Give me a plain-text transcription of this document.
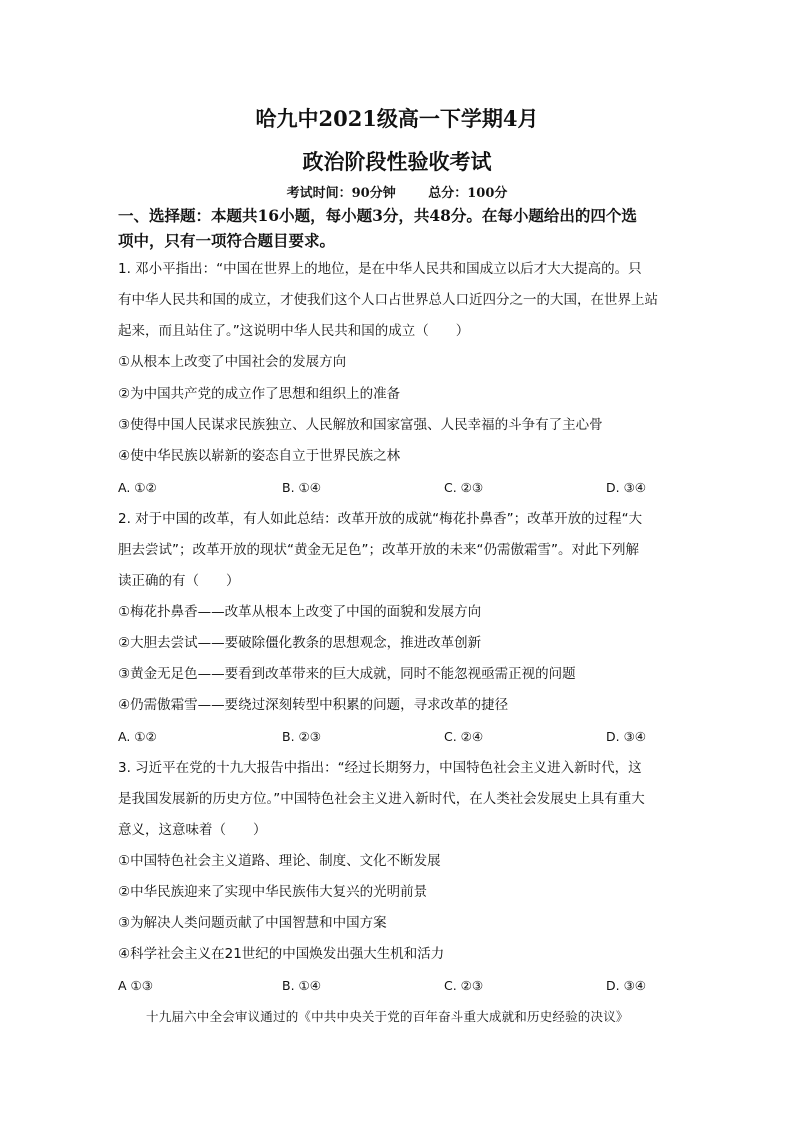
哈九中2021级高一下学期4月
政治阶段性验收考试
考试时间：90分钟	总分：100分
一、选择题：本题共16小题，每小题3分，共48分。在每小题给出的四个选
项中，只有一项符合题目要求。
1. 邓小平指出：“中国在世界上的地位，是在中华人民共和国成立以后才大大提高的。只
有中华人民共和国的成立，才使我们这个人口占世界总人口近四分之一的大国，在世界上站
起来，而且站住了。”这说明中华人民共和国的成立（　　）
①从根本上改变了中国社会的发展方向
②为中国共产党的成立作了思想和组织上的准备
③使得中国人民谋求民族独立、人民解放和国家富强、人民幸福的斗争有了主心骨
④使中华民族以崭新的姿态自立于世界民族之林
A. ①②	B. ①④	C. ②③	D. ③④
2. 对于中国的改革，有人如此总结：改革开放的成就“梅花扑鼻香”；改革开放的过程“大
胆去尝试”；改革开放的现状“黄金无足色”；改革开放的未来“仍需傲霜雪”。对此下列解
读正确的有（　　）
①梅花扑鼻香——改革从根本上改变了中国的面貌和发展方向
②大胆去尝试——要破除僵化教条的思想观念，推进改革创新
③黄金无足色——要看到改革带来的巨大成就，同时不能忽视亟需正视的问题
④仍需傲霜雪——要绕过深刻转型中积累的问题，寻求改革的捷径
A. ①②	B. ②③	C. ②④	D. ③④
3. 习近平在党的十九大报告中指出：“经过长期努力，中国特色社会主义进入新时代，这
是我国发展新的历史方位。”中国特色社会主义进入新时代，在人类社会发展史上具有重大
意义，这意味着（　　）
①中国特色社会主义道路、理论、制度、文化不断发展
②中华民族迎来了实现中华民族伟大复兴的光明前景
③为解决人类问题贡献了中国智慧和中国方案
④科学社会主义在21世纪的中国焕发出强大生机和活力
A ①③	B. ①④	C. ②③	D. ③④
十九届六中全会审议通过的《中共中央关于党的百年奋斗重大成就和历史经验的决议》
